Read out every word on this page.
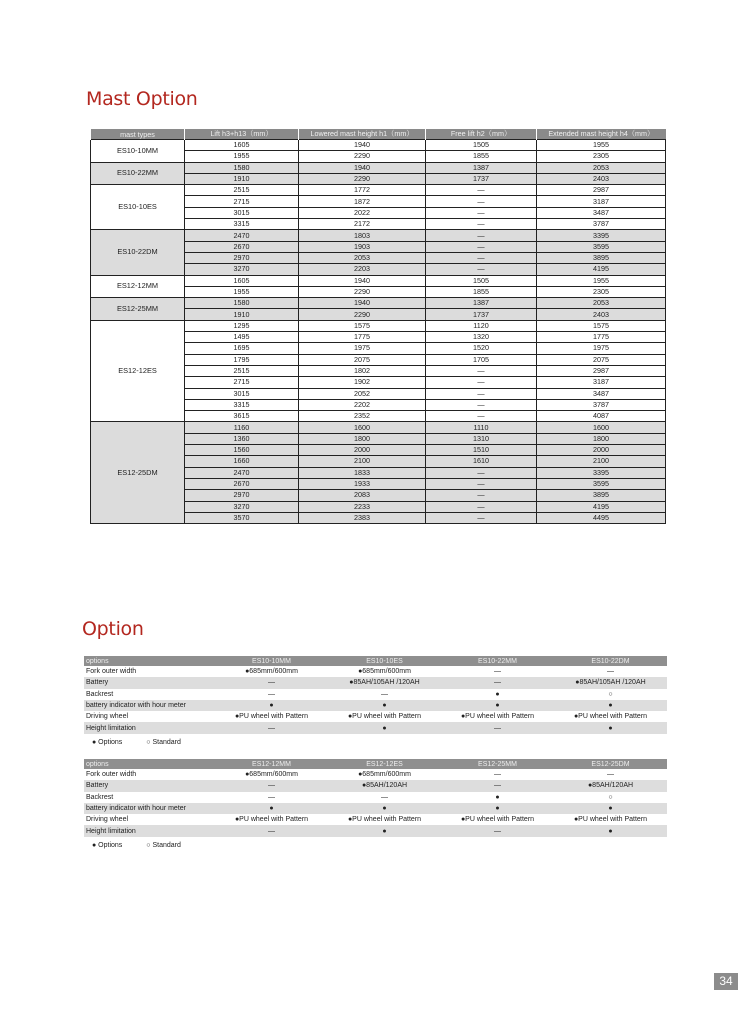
Mast Option
mast types	Lift h3+h13（mm）	Lowered mast height h1（mm）	Free lift h2（mm）	Extended mast height h4（mm）
ES10-10MM	1605	1940	1505	1955
	1955	2290	1855	2305
ES10-22MM	1580	1940	1387	2053
	1910	2290	1737	2403
ES10-10ES	2515	1772	—	2987
	2715	1872	—	3187
	3015	2022	—	3487
	3315	2172	—	3787
ES10-22DM	2470	1803	—	3395
	2670	1903	—	3595
	2970	2053	—	3895
	3270	2203	—	4195
ES12-12MM	1605	1940	1505	1955
	1955	2290	1855	2305
ES12-25MM	1580	1940	1387	2053
	1910	2290	1737	2403
ES12-12ES	1295	1575	1120	1575
	1495	1775	1320	1775
	1695	1975	1520	1975
	1795	2075	1705	2075
	2515	1802	—	2987
	2715	1902	—	3187
	3015	2052	—	3487
	3315	2202	—	3787
	3615	2352	—	4087
ES12-25DM	1160	1600	1110	1600
	1360	1800	1310	1800
	1560	2000	1510	2000
	1660	2100	1610	2100
	2470	1833	—	3395
	2670	1933	—	3595
	2970	2083	—	3895
	3270	2233	—	4195
	3570	2383	—	4495
Option
options	ES10-10MM	ES10-10ES	ES10-22MM	ES10-22DM
Fork outer width	●685mm/600mm	●685mm/600mm	—	—
Battery	—	●85AH/105AH /120AH	—	●85AH/105AH /120AH
Backrest	—	—	●	○
battery indicator with hour meter	●	●	●	●
Driving wheel	●PU wheel with Pattern	●PU wheel with Pattern	●PU wheel with Pattern	●PU wheel with Pattern
Height limitation	—	●	—	●
● Options	○ Standard
options	ES12-12MM	ES12-12ES	ES12-25MM	ES12-25DM
Fork outer width	●685mm/600mm	●685mm/600mm	—	—
Battery	—	●85AH/120AH	—	●85AH/120AH
Backrest	—	—	●	○
battery indicator with hour meter	●	●	●	●
Driving wheel	●PU wheel with Pattern	●PU wheel with Pattern	●PU wheel with Pattern	●PU wheel with Pattern
Height limitation	—	●	—	●
● Options	○ Standard
34
